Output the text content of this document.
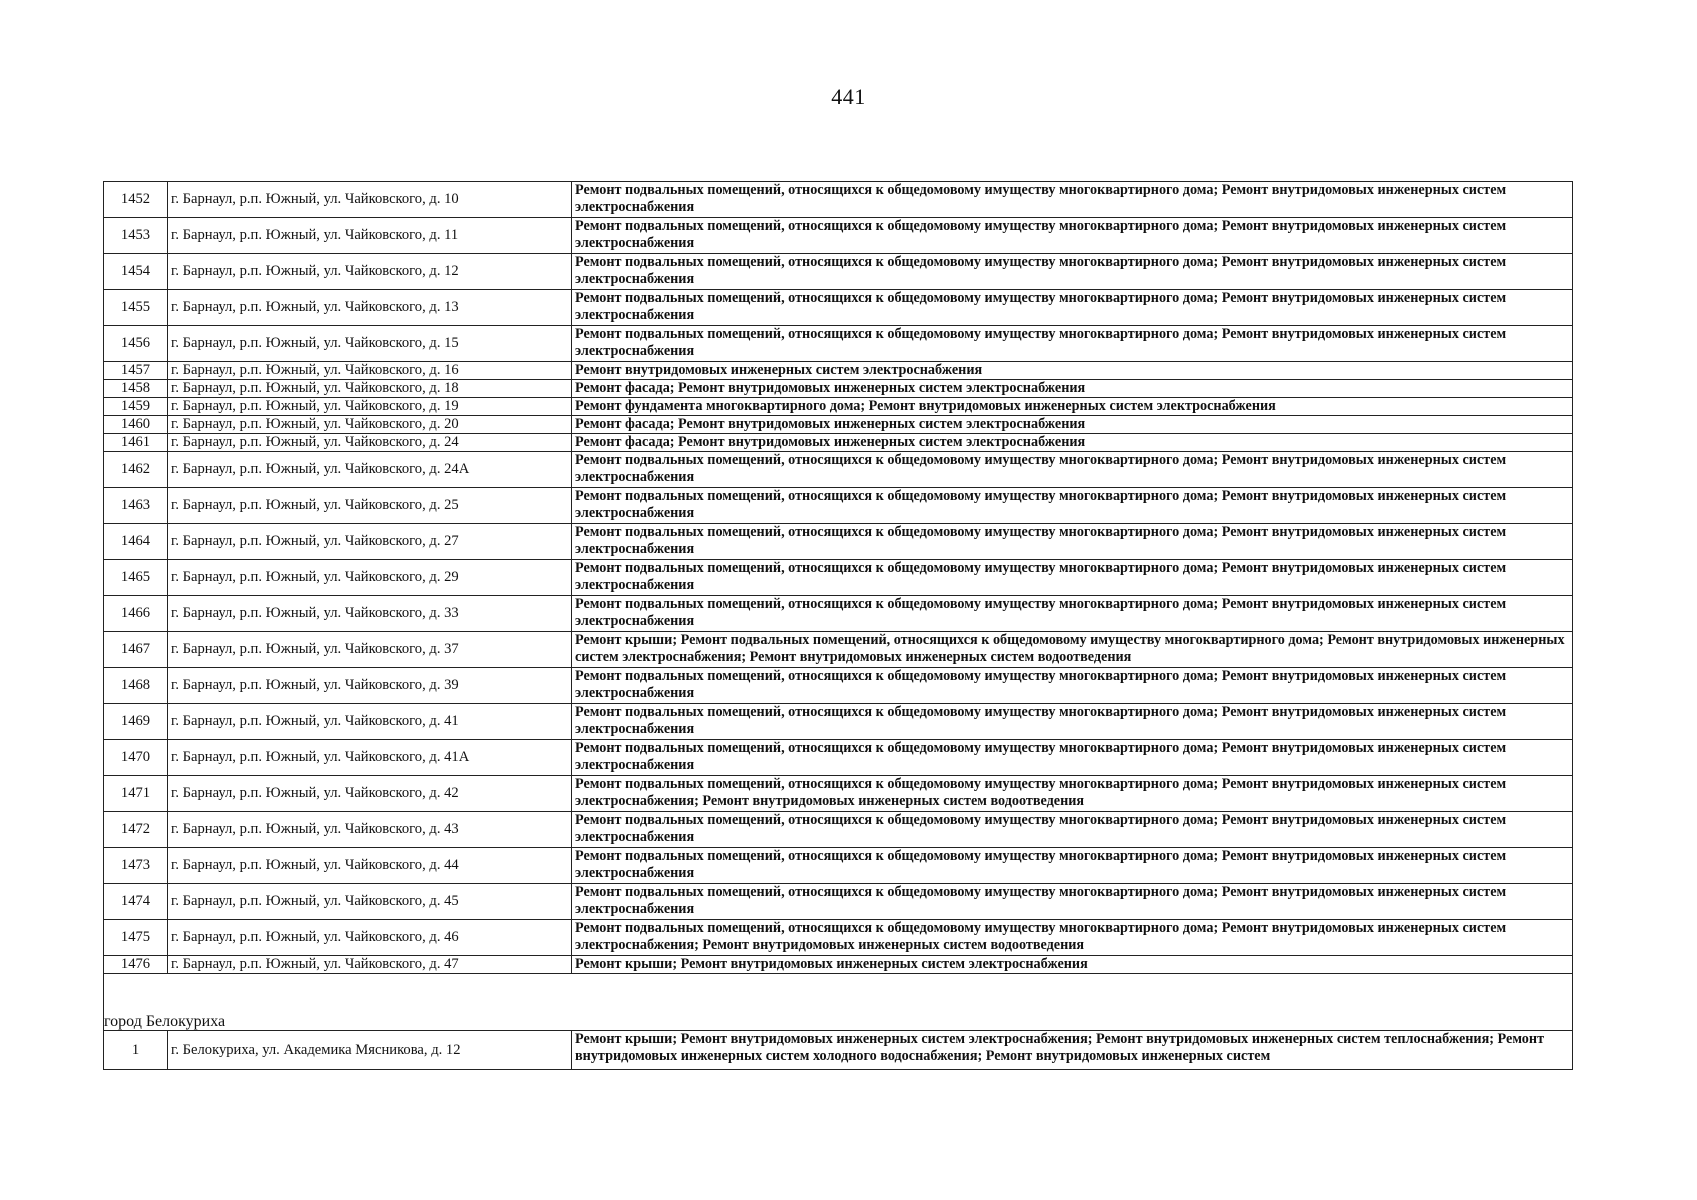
441
1452	г. Барнаул, р.п. Южный, ул. Чайковского, д. 10	Ремонт подвальных помещений, относящихся к общедомовому имуществу многоквартирного дома; Ремонт внутридомовых инженерных систем электроснабжения
1453	г. Барнаул, р.п. Южный, ул. Чайковского, д. 11	Ремонт подвальных помещений, относящихся к общедомовому имуществу многоквартирного дома; Ремонт внутридомовых инженерных систем электроснабжения
1454	г. Барнаул, р.п. Южный, ул. Чайковского, д. 12	Ремонт подвальных помещений, относящихся к общедомовому имуществу многоквартирного дома; Ремонт внутридомовых инженерных систем электроснабжения
1455	г. Барнаул, р.п. Южный, ул. Чайковского, д. 13	Ремонт подвальных помещений, относящихся к общедомовому имуществу многоквартирного дома; Ремонт внутридомовых инженерных систем электроснабжения
1456	г. Барнаул, р.п. Южный, ул. Чайковского, д. 15	Ремонт подвальных помещений, относящихся к общедомовому имуществу многоквартирного дома; Ремонт внутридомовых инженерных систем электроснабжения
1457	г. Барнаул, р.п. Южный, ул. Чайковского, д. 16	Ремонт внутридомовых инженерных систем электроснабжения
1458	г. Барнаул, р.п. Южный, ул. Чайковского, д. 18	Ремонт фасада; Ремонт внутридомовых инженерных систем электроснабжения
1459	г. Барнаул, р.п. Южный, ул. Чайковского, д. 19	Ремонт фундамента многоквартирного дома; Ремонт внутридомовых инженерных систем электроснабжения
1460	г. Барнаул, р.п. Южный, ул. Чайковского, д. 20	Ремонт фасада; Ремонт внутридомовых инженерных систем электроснабжения
1461	г. Барнаул, р.п. Южный, ул. Чайковского, д. 24	Ремонт фасада; Ремонт внутридомовых инженерных систем электроснабжения
1462	г. Барнаул, р.п. Южный, ул. Чайковского, д. 24А	Ремонт подвальных помещений, относящихся к общедомовому имуществу многоквартирного дома; Ремонт внутридомовых инженерных систем электроснабжения
1463	г. Барнаул, р.п. Южный, ул. Чайковского, д. 25	Ремонт подвальных помещений, относящихся к общедомовому имуществу многоквартирного дома; Ремонт внутридомовых инженерных систем электроснабжения
1464	г. Барнаул, р.п. Южный, ул. Чайковского, д. 27	Ремонт подвальных помещений, относящихся к общедомовому имуществу многоквартирного дома; Ремонт внутридомовых инженерных систем электроснабжения
1465	г. Барнаул, р.п. Южный, ул. Чайковского, д. 29	Ремонт подвальных помещений, относящихся к общедомовому имуществу многоквартирного дома; Ремонт внутридомовых инженерных систем электроснабжения
1466	г. Барнаул, р.п. Южный, ул. Чайковского, д. 33	Ремонт подвальных помещений, относящихся к общедомовому имуществу многоквартирного дома; Ремонт внутридомовых инженерных систем электроснабжения
1467	г. Барнаул, р.п. Южный, ул. Чайковского, д. 37	Ремонт крыши; Ремонт подвальных помещений, относящихся к общедомовому имуществу многоквартирного дома; Ремонт внутридомовых инженерных систем электроснабжения; Ремонт внутридомовых инженерных систем водоотведения
1468	г. Барнаул, р.п. Южный, ул. Чайковского, д. 39	Ремонт подвальных помещений, относящихся к общедомовому имуществу многоквартирного дома; Ремонт внутридомовых инженерных систем электроснабжения
1469	г. Барнаул, р.п. Южный, ул. Чайковского, д. 41	Ремонт подвальных помещений, относящихся к общедомовому имуществу многоквартирного дома; Ремонт внутридомовых инженерных систем электроснабжения
1470	г. Барнаул, р.п. Южный, ул. Чайковского, д. 41А	Ремонт подвальных помещений, относящихся к общедомовому имуществу многоквартирного дома; Ремонт внутридомовых инженерных систем электроснабжения
1471	г. Барнаул, р.п. Южный, ул. Чайковского, д. 42	Ремонт подвальных помещений, относящихся к общедомовому имуществу многоквартирного дома; Ремонт внутридомовых инженерных систем электроснабжения; Ремонт внутридомовых инженерных систем водоотведения
1472	г. Барнаул, р.п. Южный, ул. Чайковского, д. 43	Ремонт подвальных помещений, относящихся к общедомовому имуществу многоквартирного дома; Ремонт внутридомовых инженерных систем электроснабжения
1473	г. Барнаул, р.п. Южный, ул. Чайковского, д. 44	Ремонт подвальных помещений, относящихся к общедомовому имуществу многоквартирного дома; Ремонт внутридомовых инженерных систем электроснабжения
1474	г. Барнаул, р.п. Южный, ул. Чайковского, д. 45	Ремонт подвальных помещений, относящихся к общедомовому имуществу многоквартирного дома; Ремонт внутридомовых инженерных систем электроснабжения
1475	г. Барнаул, р.п. Южный, ул. Чайковского, д. 46	Ремонт подвальных помещений, относящихся к общедомовому имуществу многоквартирного дома; Ремонт внутридомовых инженерных систем электроснабжения; Ремонт внутридомовых инженерных систем водоотведения
1476	г. Барнаул, р.п. Южный, ул. Чайковского, д. 47	Ремонт крыши; Ремонт внутридомовых инженерных систем электроснабжения

город Белокуриха		
1	г. Белокуриха, ул. Академика Мясникова, д. 12	Ремонт крыши; Ремонт внутридомовых инженерных систем электроснабжения; Ремонт внутридомовых инженерных систем теплоснабжения; Ремонт внутридомовых инженерных систем холодного водоснабжения; Ремонт внутридомовых инженерных систем
